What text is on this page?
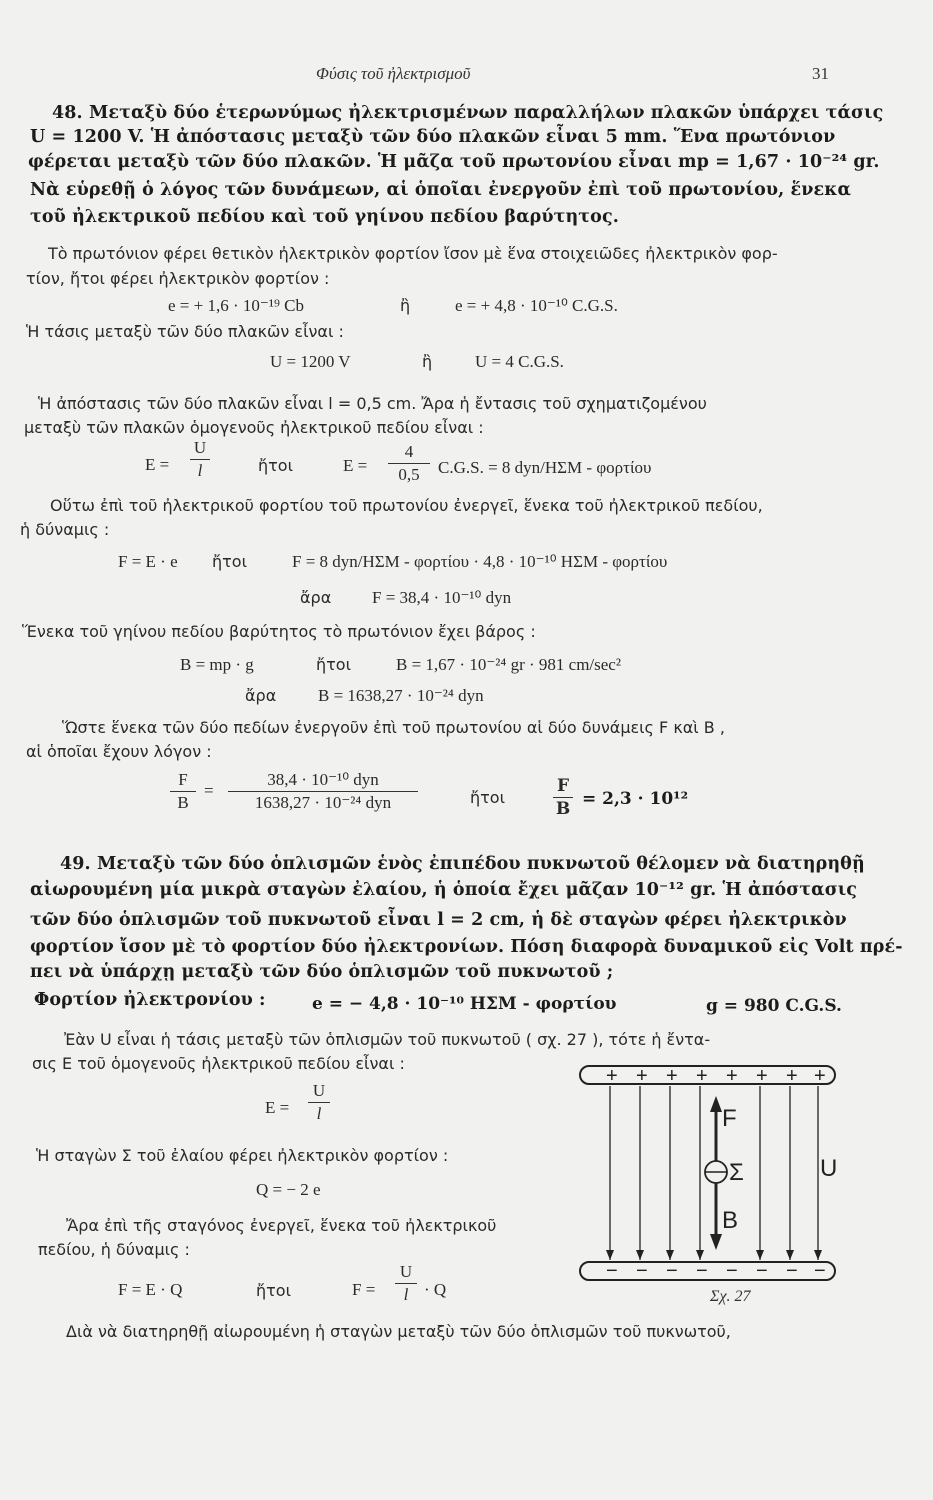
Φύσις τοῦ ἠλεκτρισμοῦ	31
48. Μεταξὺ δύο ἑτερωνύμως ἠλεκτρισμένων παραλλήλων πλακῶν ὑπάρχει τάσις
U = 1200 V. Ἡ ἀπόστασις μεταξὺ τῶν δύο πλακῶν εἶναι 5 mm. Ἕνα πρωτόνιον
φέρεται μεταξὺ τῶν δύο πλακῶν. Ἡ μᾶζα τοῦ πρωτονίου εἶναι mp = 1,67 · 10⁻²⁴ gr.
Νὰ εὑρεθῇ ὁ λόγος τῶν δυνάμεων, αἱ ὁποῖαι ἐνεργοῦν ἐπὶ τοῦ πρωτονίου, ἕνεκα
τοῦ ἠλεκτρικοῦ πεδίου καὶ τοῦ γηίνου πεδίου βαρύτητος.
Τὸ πρωτόνιον φέρει θετικὸν ἠλεκτρικὸν φορτίον ἴσον μὲ ἕνα στοιχειῶδες ἠλεκτρικὸν φορ-
τίον, ἤτοι φέρει ἠλεκτρικὸν φορτίον :
e = + 1,6 · 10⁻¹⁹ Cb	ἢ	e = + 4,8 · 10⁻¹⁰ C.G.S.
Ἡ τάσις μεταξὺ τῶν δύο πλακῶν εἶναι :
U = 1200 V	ἢ	U = 4 C.G.S.
Ἡ ἀπόστασις τῶν δύο πλακῶν εἶναι l = 0,5 cm. Ἄρα ἡ ἔντασις τοῦ σχηματιζομένου
μεταξὺ τῶν πλακῶν ὁμογενοῦς ἠλεκτρικοῦ πεδίου εἶναι :
E =
U
l	ἤτοι	E =
4
0,5	C.G.S. = 8 dyn/ΗΣΜ - φορτίου
Οὕτω ἐπὶ τοῦ ἠλεκτρικοῦ φορτίου τοῦ πρωτονίου ἐνεργεῖ, ἕνεκα τοῦ ἠλεκτρικοῦ πεδίου,
ἡ δύναμις :
F = E · e ἤτοι	F = 8 dyn/ΗΣΜ - φορτίου · 4,8 · 10⁻¹⁰ ΗΣΜ - φορτίου
ἄρα F = 38,4 · 10⁻¹⁰ dyn
Ἕνεκα τοῦ γηίνου πεδίου βαρύτητος τὸ πρωτόνιον ἔχει βάρος :
B = mp · g	ἤτοι	B = 1,67 · 10⁻²⁴ gr · 981 cm/sec²
ἄρα B = 1638,27 · 10⁻²⁴ dyn
Ὥστε ἕνεκα τῶν δύο πεδίων ἐνεργοῦν ἐπὶ τοῦ πρωτονίου αἱ δύο δυνάμεις F καὶ B ,
αἱ ὁποῖαι ἔχουν λόγον :
F
B
=
38,4 · 10⁻¹⁰ dyn
1638,27 · 10⁻²⁴ dyn	ἤτοι
F
B = 2,3 · 10¹²
49. Μεταξὺ τῶν δύο ὁπλισμῶν ἑνὸς ἐπιπέδου πυκνωτοῦ θέλομεν νὰ διατηρηθῇ
αἰωρουμένη μία μικρὰ σταγὼν ἐλαίου, ἡ ὁποία ἔχει μᾶζαν 10⁻¹² gr. Ἡ ἀπόστασις
τῶν δύο ὁπλισμῶν τοῦ πυκνωτοῦ εἶναι l = 2 cm, ἡ δὲ σταγὼν φέρει ἠλεκτρικὸν
φορτίον ἴσον μὲ τὸ φορτίον δύο ἠλεκτρονίων. Πόση διαφορὰ δυναμικοῦ εἰς Volt πρέ-
πει νὰ ὑπάρχῃ μεταξὺ τῶν δύο ὁπλισμῶν τοῦ πυκνωτοῦ ;
Φορτίον ἠλεκτρονίου :	e = − 4,8 · 10⁻¹⁰ ΗΣΜ - φορτίου	g = 980 C.G.S.
Ἐὰν U εἶναι ἡ τάσις μεταξὺ τῶν ὁπλισμῶν τοῦ πυκνωτοῦ ( σχ. 27 ), τότε ἡ ἔντα-
σις E τοῦ ὁμογενοῦς ἠλεκτρικοῦ πεδίου εἶναι :
E =
U
l
Ἡ σταγὼν Σ τοῦ ἐλαίου φέρει ἠλεκτρικὸν φορτίον :
Q = − 2 e
Ἄρα ἐπὶ τῆς σταγόνος ἐνεργεῖ, ἕνεκα τοῦ ἠλεκτρικοῦ
πεδίου, ἡ δύναμις :
F = E · Q	ἤτοι	F =
U
l · Q
Διὰ νὰ διατηρηθῇ αἰωρουμένη ἡ σταγὼν μεταξὺ τῶν δύο ὁπλισμῶν τοῦ πυκνωτοῦ,
+ + + + + + + +
− − − − − − − −
F
Σ
B
U
Σχ. 27
